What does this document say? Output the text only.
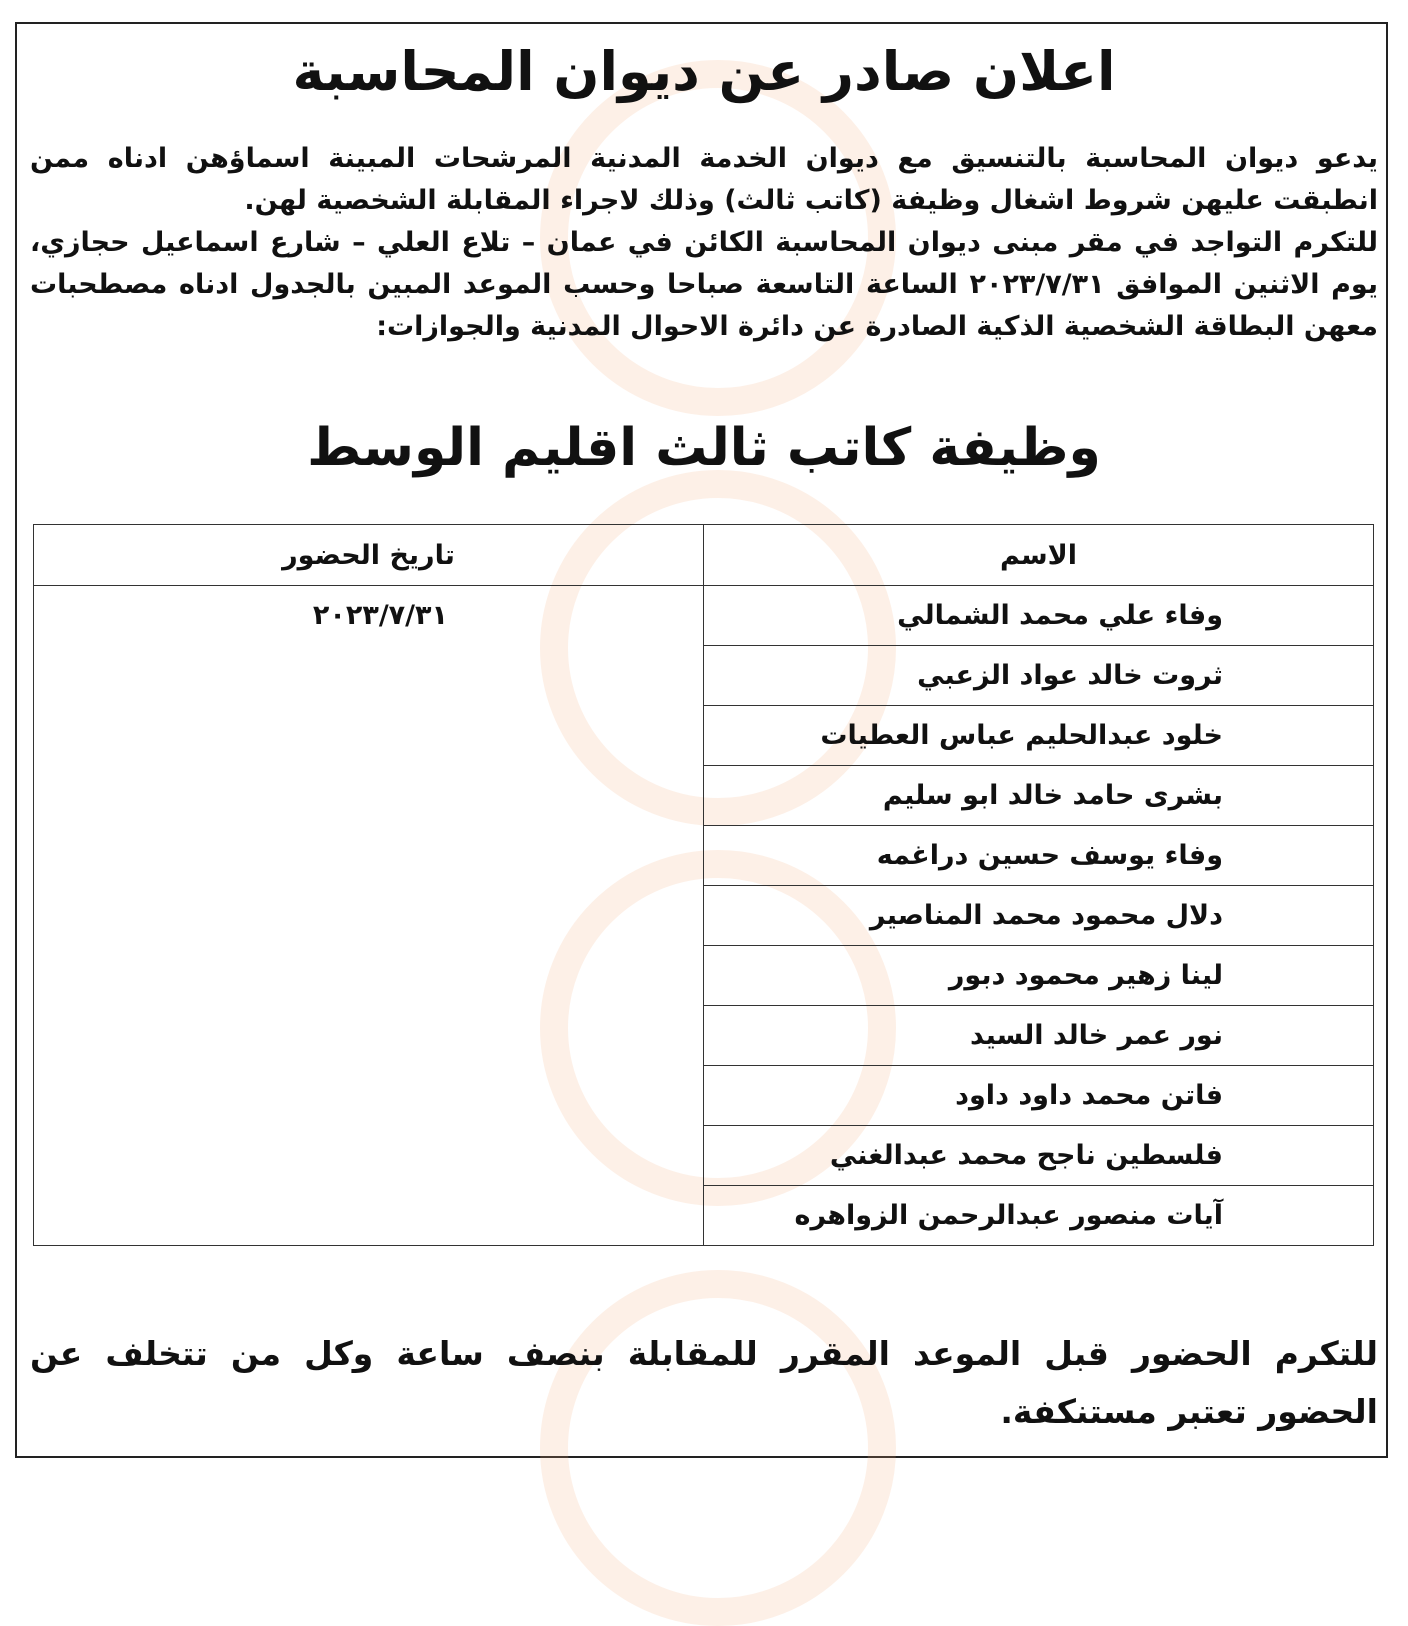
اعلان صادر عن ديوان المحاسبة

يدعو ديوان المحاسبة بالتنسيق مع ديوان الخدمة المدنية المرشحات المبينة اسماؤهن ادناه ممن انطبقت عليهن شروط اشغال وظيفة (كاتب ثالث) وذلك لاجراء المقابلة الشخصية لهن.

للتكرم التواجد في مقر مبنى ديوان المحاسبة الكائن في عمان – تلاع العلي – شارع اسماعيل حجازي، يوم الاثنين الموافق ٢٠٢٣/٧/٣١ الساعة التاسعة صباحا وحسب الموعد المبين بالجدول ادناه مصطحبات معهن البطاقة الشخصية الذكية الصادرة عن دائرة الاحوال المدنية والجوازات:

وظيفة كاتب ثالث اقليم الوسط
الاسم	تاريخ الحضور
وفاء علي محمد الشمالي	٢٠٢٣/٧/٣١
ثروت خالد عواد الزعبي	
خلود عبدالحليم عباس العطيات	
بشرى حامد خالد ابو سليم	
وفاء يوسف حسين دراغمه	
دلال محمود محمد المناصير	
لينا زهير محمود دبور	
نور عمر خالد السيد	
فاتن محمد داود داود	
فلسطين ناجح محمد عبدالغني	
آيات منصور عبدالرحمن الزواهره	
للتكرم الحضور قبل الموعد المقرر للمقابلة بنصف ساعة وكل من تتخلف عن الحضور تعتبر مستنكفة.
